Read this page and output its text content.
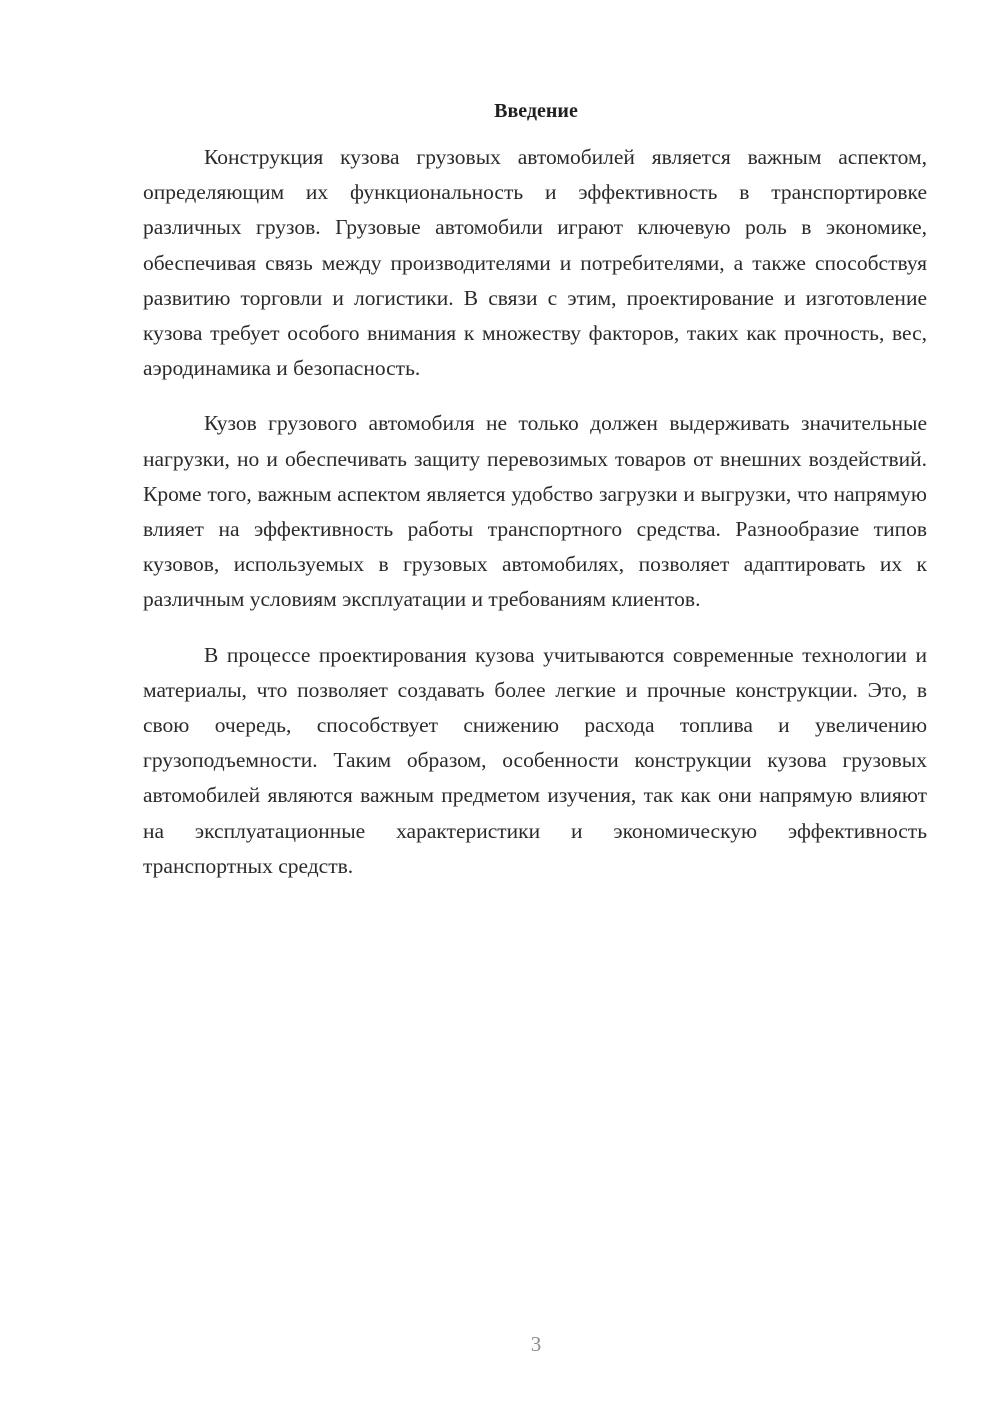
Введение

Конструкция кузова грузовых автомобилей является важным аспектом, определяющим их функциональность и эффективность в транспортировке различных грузов. Грузовые автомобили играют ключевую роль в экономике, обеспечивая связь между производителями и потребителями, а также способствуя развитию торговли и логистики. В связи с этим, проектирование и изготовление кузова требует особого внимания к множеству факторов, таких как прочность, вес, аэродинамика и безопасность.

Кузов грузового автомобиля не только должен выдерживать значительные нагрузки, но и обеспечивать защиту перевозимых товаров от внешних воздействий. Кроме того, важным аспектом является удобство загрузки и выгрузки, что напрямую влияет на эффективность работы транспортного средства. Разнообразие типов кузовов, используемых в грузовых автомобилях, позволяет адаптировать их к различным условиям эксплуатации и требованиям клиентов.

В процессе проектирования кузова учитываются современные технологии и материалы, что позволяет создавать более легкие и прочные конструкции. Это, в свою очередь, способствует снижению расхода топлива и увеличению грузоподъемности. Таким образом, особенности конструкции кузова грузовых автомобилей являются важным предметом изучения, так как они напрямую влияют на эксплуатационные характеристики и экономическую эффективность транспортных средств.

3
